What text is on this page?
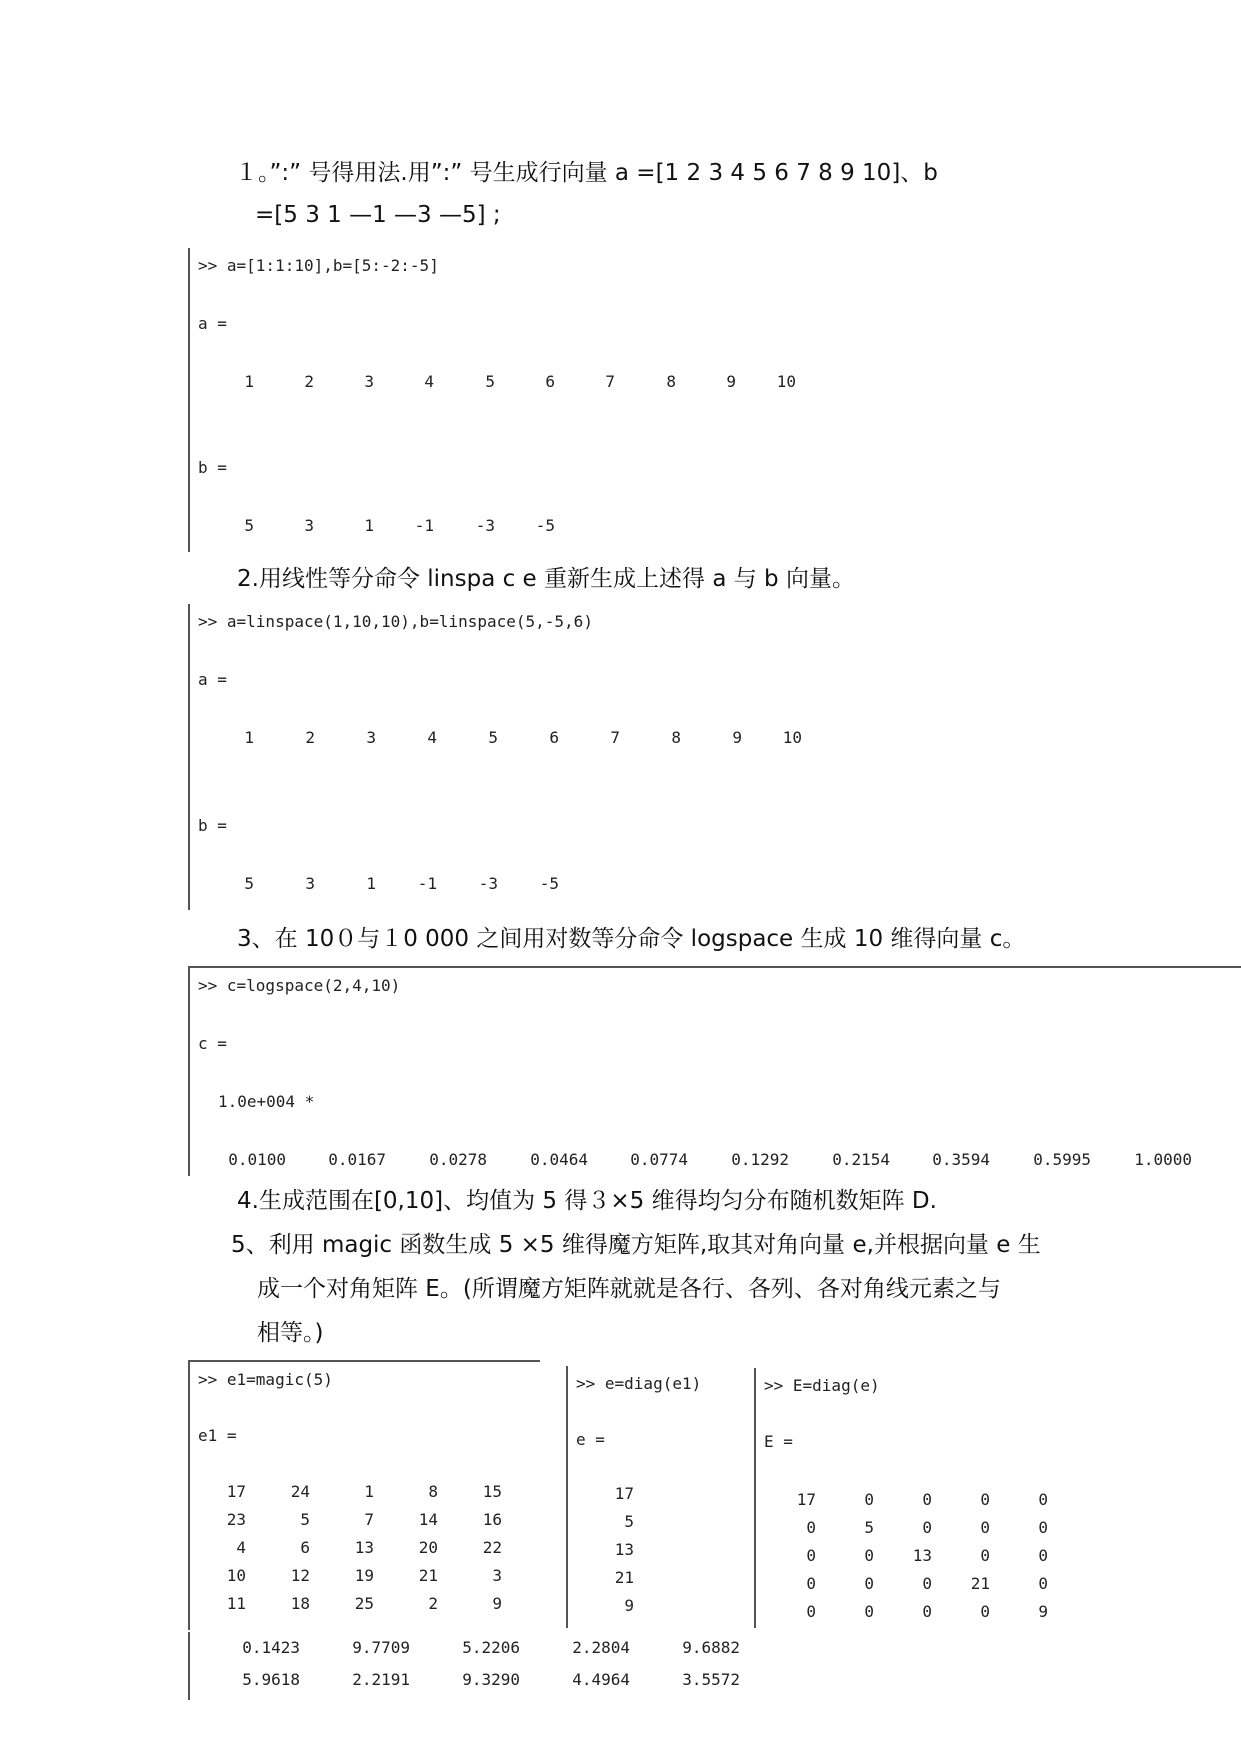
１。”:” 号得用法.用”:” 号生成行向量 a =[1 2 3 4 5 6 7 8 9 10]、b
=[5 3 1 —1 —3 —5] ;
>> a=[1:1:10],b=[5:-2:-5]
a =
1	2	3	4	5	6	7	8	9	10
b =
5	3	1	-1	-3	-5
2.用线性等分命令 linspa c e 重新生成上述得 a 与 b 向量。
>> a=linspace(1,10,10),b=linspace(5,-5,6)
a =
1	2	3	4	5	6	7	8	9	10
b =
5	3	1	-1	-3	-5
3、在 10０与１0 000 之间用对数等分命令 logspace 生成 10 维得向量 c。
>> c=logspace(2,4,10)
c =
1.0e+004 *
0.0100	0.0167	0.0278	0.0464	0.0774	0.1292	0.2154	0.3594	0.5995	1.0000
4.生成范围在[0,10]、均值为 5 得３×5 维得均匀分布随机数矩阵 D.
5、利用 magic 函数生成 5 ×5 维得魔方矩阵,取其对角向量 e,并根据向量 e 生
成一个对角矩阵 E。(所谓魔方矩阵就就是各行、各列、各对角线元素之与
相等。)
>> e1=magic(5)
e1 =
17	24	1	8	15
23	5	7	14	16
4	6	13	20	22
10	12	19	21	3
11	18	25	2	9
>> e=diag(e1)
e =
17
5
13
21
9
>> E=diag(e)
E =
17	0	0	0	0
0	5	0	0	0
0	0	13	0	0
0	0	0	21	0
0	0	0	0	9
0.1423	9.7709	5.2206	2.2804	9.6882
5.9618	2.2191	9.3290	4.4964	3.5572
